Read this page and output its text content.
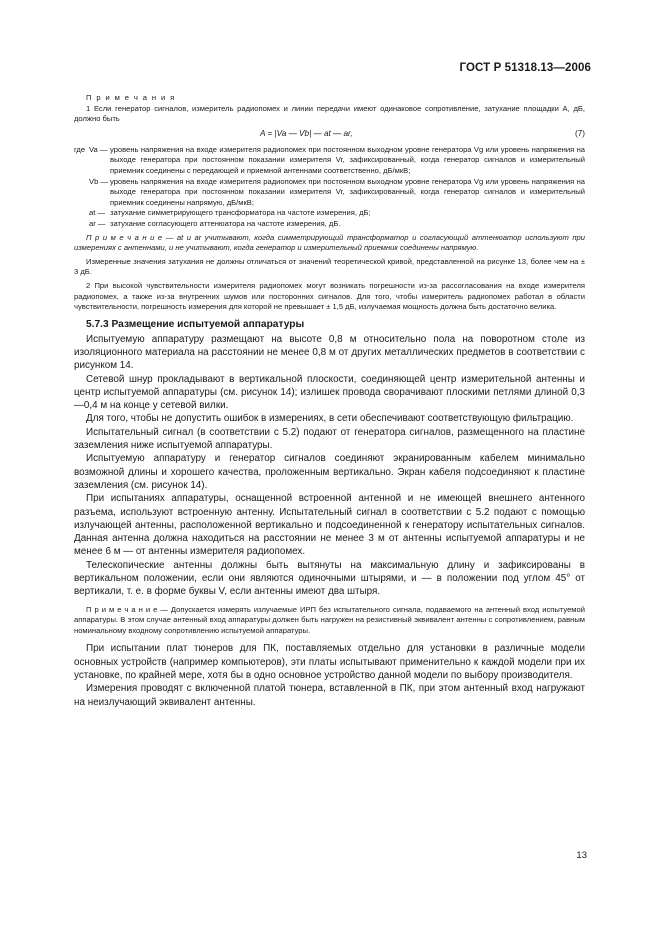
ГОСТ Р 51318.13—2006

П р и м е ч а н и я

1 Если генератор сигналов, измеритель радиопомех и линии передачи имеют одинаковое сопротивление, затухание площадки A, дБ, должно быть

A = |Va — Vb| — at — ar,	(7)
где Va — уровень напряжения на входе измерителя радиопомех при постоянном выходном уровне генератора Vg или уровень напряжения на выходе генератора при постоянном показании измерителя Vr, зафиксированный, когда генератор сигналов и измерительный приемник соединены с передающей и приемной антеннами соответственно, дБ/мкВ;
Vb — уровень напряжения на входе измерителя радиопомех при постоянном выходном уровне генератора Vg или уровень напряжения на выходе генератора при постоянном показании измерителя Vr, зафиксированный, когда генератор сигналов и измерительный приемник соединены напрямую, дБ/мкВ;
at — затухание симметрирующего трансформатора на частоте измерения, дБ;
ar — затухание согласующего аттенюатора на частоте измерения, дБ.

П р и м е ч а н и е — at и ar учитывают, когда симметрирующий трансформатор и согласующий аттенюатор используют при измерениях с антеннами, и не учитывают, когда генератор и измерительный приемник соединены напрямую.

Измеренные значения затухания не должны отличаться от значений теоретической кривой, представленной на рисунке 13, более чем на ± 3 дБ.

2 При высокой чувствительности измерителя радиопомех могут возникать погрешности из-за рассогласования на входе измерителя радиопомех, а также из-за внутренних шумов или посторонних сигналов. Для того, чтобы измеритель радиопомех работал в области чувствительности, погрешность измерения для которой не превышает ± 1,5 дБ, излучаемая мощность должна быть достаточно велика.

5.7.3 Размещение испытуемой аппаратуры

Испытуемую аппаратуру размещают на высоте 0,8 м относительно пола на поворотном столе из изоляционного материала на расстоянии не менее 0,8 м от других металлических предметов в соответствии с рисунком 14.

Сетевой шнур прокладывают в вертикальной плоскости, соединяющей центр измерительной антенны и центр испытуемой аппаратуры (см. рисунок 14); излишек провода сворачивают плоскими петлями длиной 0,3—0,4 м на конце у сетевой вилки.

Для того, чтобы не допустить ошибок в измерениях, в сети обеспечивают соответствующую фильтрацию.

Испытательный сигнал (в соответствии с 5.2) подают от генератора сигналов, размещенного на пластине заземления ниже испытуемой аппаратуры.

Испытуемую аппаратуру и генератор сигналов соединяют экранированным кабелем минимально возможной длины и хорошего качества, проложенным вертикально. Экран кабеля подсоединяют к пластине заземления (см. рисунок 14).

При испытаниях аппаратуры, оснащенной встроенной антенной и не имеющей внешнего антенного разъема, используют встроенную антенну. Испытательный сигнал в соответствии с 5.2 подают с помощью излучающей антенны, расположенной вертикально и подсоединенной к генератору испытательных сигналов. Данная антенна должна находиться на расстоянии не менее 3 м от антенны испытуемой аппаратуры и не менее 6 м — от антенны измерителя радиопомех.

Телескопические антенны должны быть вытянуты на максимальную длину и зафиксированы в вертикальном положении, если они являются одиночными штырями, и — в положении под углом 45° от вертикали, т. е. в форме буквы V, если антенны имеют два штыря.

П р и м е ч а н и е — Допускается измерять излучаемые ИРП без испытательного сигнала, подаваемого на антенный вход испытуемой аппаратуры. В этом случае антенный вход аппаратуры должен быть нагружен на резистивный эквивалент антенны с сопротивлением, равным номинальному входному сопротивлению испытуемой аппаратуры.

При испытании плат тюнеров для ПК, поставляемых отдельно для установки в различные модели основных устройств (например компьютеров), эти платы испытывают применительно к каждой модели при их установке, по крайней мере, хотя бы в одно основное устройство данной модели по выбору производителя.

Измерения проводят с включенной платой тюнера, вставленной в ПК, при этом антенный вход нагружают на неизлучающий эквивалент антенны.

13
